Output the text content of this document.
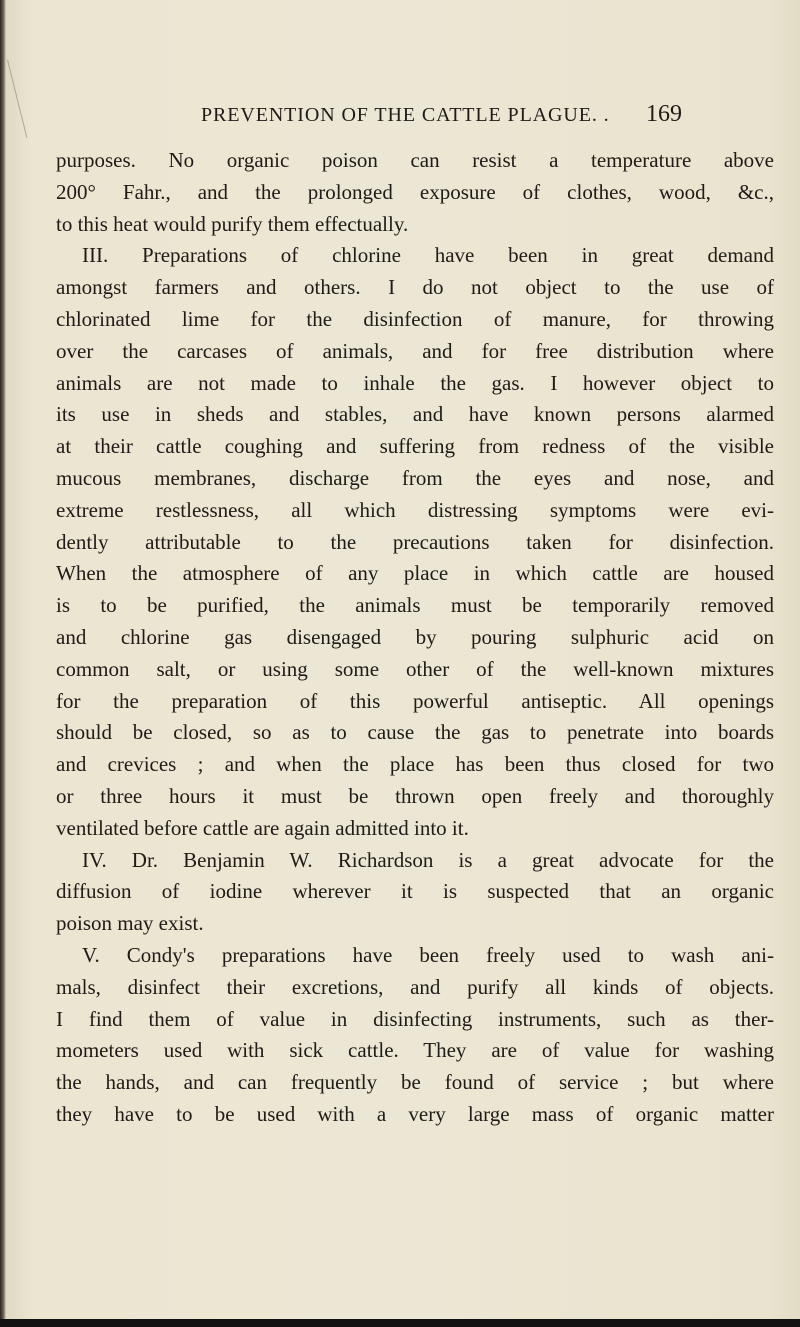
PREVENTION OF THE CATTLE PLAGUE. . 169
purposes. No organic poison can resist a temperature above
200° Fahr., and the prolonged exposure of clothes, wood, &c.,
to this heat would purify them effectually.
III. Preparations of chlorine have been in great demand
amongst farmers and others. I do not object to the use of
chlorinated lime for the disinfection of manure, for throwing
over the carcases of animals, and for free distribution where
animals are not made to inhale the gas. I however object to
its use in sheds and stables, and have known persons alarmed
at their cattle coughing and suffering from redness of the visible
mucous membranes, discharge from the eyes and nose, and
extreme restlessness, all which distressing symptoms were evi-
dently attributable to the precautions taken for disinfection.
When the atmosphere of any place in which cattle are housed
is to be purified, the animals must be temporarily removed
and chlorine gas disengaged by pouring sulphuric acid on
common salt, or using some other of the well-known mixtures
for the preparation of this powerful antiseptic. All openings
should be closed, so as to cause the gas to penetrate into boards
and crevices ; and when the place has been thus closed for two
or three hours it must be thrown open freely and thoroughly
ventilated before cattle are again admitted into it.
IV. Dr. Benjamin W. Richardson is a great advocate for the
diffusion of iodine wherever it is suspected that an organic
poison may exist.
V. Condy's preparations have been freely used to wash ani-
mals, disinfect their excretions, and purify all kinds of objects.
I find them of value in disinfecting instruments, such as ther-
mometers used with sick cattle. They are of value for washing
the hands, and can frequently be found of service ; but where
they have to be used with a very large mass of organic matter
